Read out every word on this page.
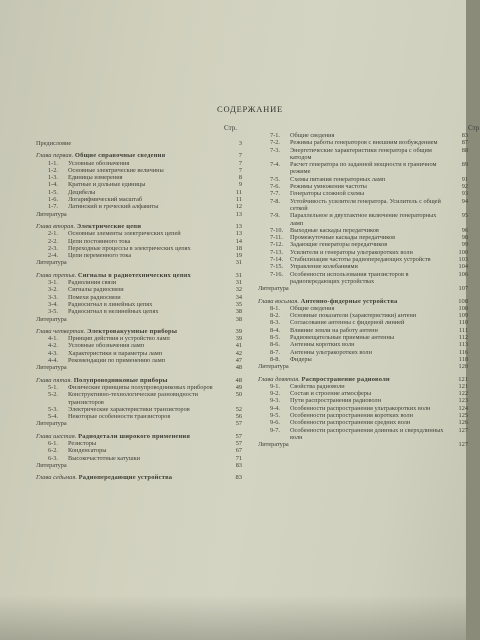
Стр
СОДЕРЖАНИЕ
Стр.
Предисловие	3
Глава первая. Общие справочные сведения	7
1-1. Условные обозначения	7
1-2. Основные электрические величины	7
1-3. Единицы измерения	8
1-4. Кратные и дольные единицы	9
1-5. Децибелы	11
1-6. Логарифмический масштаб	11
1-7. Латинский и греческий алфавиты	12
Литература	13
Глава вторая. Электрические цепи	13
2-1. Основные элементы электрических цепей	13
2-2. Цепи постоянного тока	14
2-3. Переходные процессы в электрических цепях	18
2-4. Цепи переменного тока	19
Литература	31
Глава третья. Сигналы в радиотехнических цепях	31
3-1. Радиолиния связи	31
3-2. Сигналы радиосвязи	32
3-3. Помехи радиосвязи	34
3-4. Радиосигнал в линейных цепях	35
3-5. Радиосигнал в нелинейных цепях	38
Литература	38
Глава четвертая. Электровакуумные приборы	39
4-1. Принцип действия и устройство ламп	39
4-2. Условные обозначения ламп	41
4-3. Характеристики и параметры ламп	42
4-4. Рекомендации по применению ламп	47
Литература	48
Глава пятая. Полупроводниковые приборы	48
5-1. Физические принципы полупроводниковых приборов	49
5-2. Конструктивно-технологические разновидности транзисторов
50
5-3. Электрические характеристики транзисторов	52
5-4. Некоторые особенности транзисторов	56
Литература	57
Глава шестая. Радиодетали широкого применения	57
6-1. Резисторы	57
6-2. Конденсаторы	67
6-3. Высокочастотные катушки	71
Литература	83
Глава седьмая. Радиопередающие устройства	83
7-1. Общие сведения	83
7-2. Режимы работы генераторов с внешним возбуждением	87
7-3. Энергетические характеристики генератора с общим катодом
88
7-4. Расчет генератора по заданной мощности в граничном режиме
89
7-5. Схемы питания генераторных ламп	91
7-6. Режимы умножения частоты	92
7-7. Генераторы сложной схемы	93
7-8. Устойчивость усилителя генератора. Усилитель с общей сеткой
94
7-9. Параллельное и двухтактное включение генераторных ламп
95
7-10. Выходные каскады передатчиков	96
7-11. Промежуточные каскады передатчиков	98
7-12. Задающие генераторы передатчиков	99
7-13. Усилители и генераторы ультракоротких волн	100
7-14. Стабилизация частоты радиопередающих устройств	103
7-15. Управление колебаниями	104
7-16. Особенности использования транзисторов в радиопередающих устройствах
106
Литература	107
Глава восьмая. Антенно-фидерные устройства	108
8-1. Общие сведения	108
8-2. Основные показатели (характеристики) антенн	109
8-3. Согласование антенны с фидерной линией	110
8-4. Влияние земли на работу антенн	111
8-5. Радиовещательные приемные антенны	112
8-6. Антенны коротких волн	113
8-7. Антенны ультракоротких волн	116
8-8. Фидеры	118
Литература	120
Глава девятая. Распространение радиоволн	121
9-1. Свойства радиоволн	121
9-2. Состав и строение атмосферы	122
9-3. Пути распространения радиоволн	123
9-4. Особенности распространения ультракоротких волн	124
9-5. Особенности распространения коротких волн	125
9-6. Особенности распространения средних волн	126
9-7. Особенности распространения длинных и сверхдлинных волн
127
Литература	127
